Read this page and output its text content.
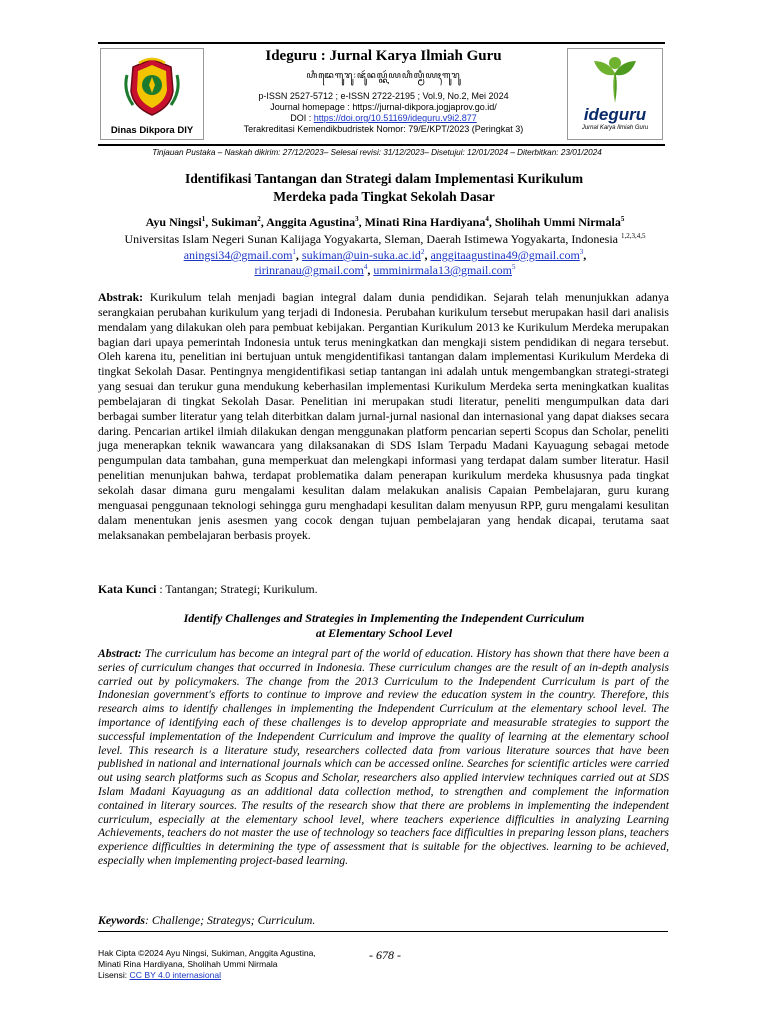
Dinas Dikpora DIY
Ideguru : Jurnal Karya Ilmiah Guru
ꦲꦶꦢꦺꦒꦸꦫꦸ꧇ꦗꦸꦂꦤꦭ꧀ꦏꦂꦪꦲꦶꦭ꧀ꦩꦶꦪꦃꦒꦸꦫꦸ
p-ISSN 2527-5712 ; e-ISSN 2722-2195 ; Vol.9, No.2, Mei 2024
Journal homepage : https://jurnal-dikpora.jogjaprov.go.id/
DOI : https://doi.org/10.51169/ideguru.v9i2.877
Terakreditasi Kemendikbudristek Nomor: 79/E/KPT/2023 (Peringkat 3)
ideguru
Jurnal Karya Ilmiah Guru
Tinjauan Pustaka – Naskah dikirim: 27/12/2023– Selesai revisi: 31/12/2023– Disetujui: 12/01/2024 – Diterbitkan: 23/01/2024
Identifikasi Tantangan dan Strategi dalam Implementasi Kurikulum
Merdeka pada Tingkat Sekolah Dasar
Ayu Ningsi$^1$, Sukiman$^2$, Anggita Agustina$^3$, Minati Rina Hardiyana$^4$, Sholihah Ummi Nirmala$^5$
Universitas Islam Negeri Sunan Kalijaga Yogyakarta, Sleman, Daerah Istimewa Yogyakarta, Indonesia $^{1,2,3,4,5}$
aningsi34@gmail.com$^1$, $sukiman@uin-suka.ac.id^2$, anggitaagustina49@gmail.com$^3$,
ririnranau@gmail.com$^4$, umminirmala13@gmail.com$^5$
Abstrak: Kurikulum telah menjadi bagian integral dalam dunia pendidikan. Sejarah telah menunjukkan adanya serangkaian perubahan kurikulum yang terjadi di Indonesia. Perubahan kurikulum tersebut merupakan hasil dari analisis mendalam yang dilakukan oleh para pembuat kebijakan. Pergantian Kurikulum 2013 ke Kurikulum Merdeka merupakan bagian dari upaya pemerintah Indonesia untuk terus meningkatkan dan mengkaji sistem pendidikan di negara tersebut. Oleh karena itu, penelitian ini bertujuan untuk mengidentifikasi tantangan dalam implementasi Kurikulum Merdeka di tingkat Sekolah Dasar. Pentingnya mengidentifikasi setiap tantangan ini adalah untuk mengembangkan strategi-strategi yang sesuai dan terukur guna mendukung keberhasilan implementasi Kurikulum Merdeka serta meningkatkan kualitas pembelajaran di tingkat Sekolah Dasar. Penelitian ini merupakan studi literatur, peneliti mengumpulkan data dari berbagai sumber literatur yang telah diterbitkan dalam jurnal-jurnal nasional dan internasional yang dapat diakses secara daring. Pencarian artikel ilmiah dilakukan dengan menggunakan platform pencarian seperti Scopus dan Scholar, peneliti juga menerapkan teknik wawancara yang dilaksanakan di SDS Islam Terpadu Madani Kayuagung sebagai metode pengumpulan data tambahan, guna memperkuat dan melengkapi informasi yang terdapat dalam sumber literatur. Hasil penelitian menunjukan bahwa, terdapat problematika dalam penerapan kurikulum merdeka khususnya pada tingkat sekolah dasar dimana guru mengalami kesulitan dalam melakukan analisis Capaian Pembelajaran, guru kurang menguasai penggunaan teknologi sehingga guru menghadapi kesulitan dalam menyusun RPP, guru mengalami kesulitan dalam menentukan jenis asesmen yang cocok dengan tujuan pembelajaran yang hendak dicapai, terutama saat melaksanakan pembelajaran berbasis proyek.
Kata Kunci : Tantangan; Strategi; Kurikulum.
Identify Challenges and Strategies in Implementing the Independent Curriculum
at Elementary School Level
Abstract: The curriculum has become an integral part of the world of education. History has shown that there have been a series of curriculum changes that occurred in Indonesia. These curriculum changes are the result of an in-depth analysis carried out by policymakers. The change from the 2013 Curriculum to the Independent Curriculum is part of the Indonesian government's efforts to continue to improve and review the education system in the country. Therefore, this research aims to identify challenges in implementing the Independent Curriculum at the elementary school level. The importance of identifying each of these challenges is to develop appropriate and measurable strategies to support the successful implementation of the Independent Curriculum and improve the quality of learning at the elementary school level. This research is a literature study, researchers collected data from various literature sources that have been published in national and international journals which can be accessed online. Searches for scientific articles were carried out using search platforms such as Scopus and Scholar, researchers also applied interview techniques carried out at SDS Islam Madani Kayuagung as an additional data collection method, to strengthen and complement the information contained in literary sources. The results of the research show that there are problems in implementing the independent curriculum, especially at the elementary school level, where teachers experience difficulties in analyzing Learning Achievements, teachers do not master the use of technology so teachers face difficulties in preparing lesson plans, teachers experience difficulties in determining the type of assessment that is suitable for the objectives. learning to be achieved, especially when implementing project-based learning.
Keywords: Challenge; Strategys; Curriculum.
Hak Cipta ©2024 Ayu Ningsi, Sukiman, Anggita Agustina,
Minati Rina Hardiyana, Sholihah Ummi Nirmala
Lisensi: CC BY 4.0 internasional
- 678 -
